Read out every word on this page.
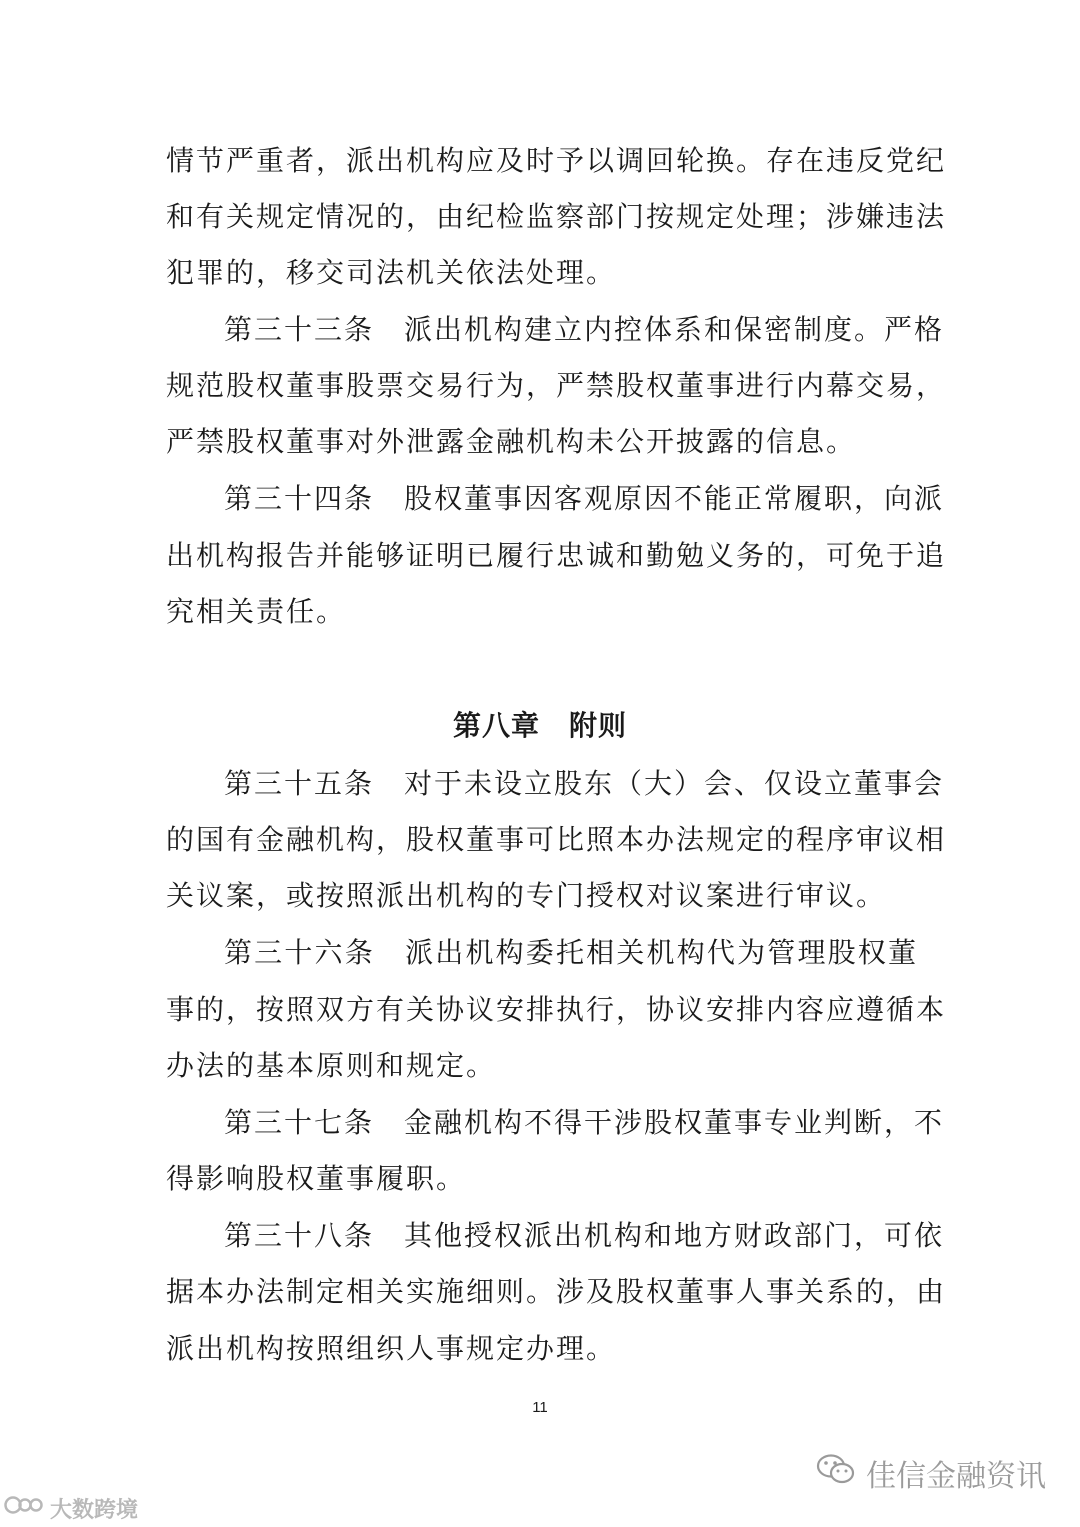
情节严重者，派出机构应及时予以调回轮换。存在违反党纪
和有关规定情况的，由纪检监察部门按规定处理；涉嫌违法
犯罪的，移交司法机关依法处理。
第三十三条　派出机构建立内控体系和保密制度。严格
规范股权董事股票交易行为，严禁股权董事进行内幕交易，
严禁股权董事对外泄露金融机构未公开披露的信息。
第三十四条　股权董事因客观原因不能正常履职，向派
出机构报告并能够证明已履行忠诚和勤勉义务的，可免于追
究相关责任。
第八章　附则
第三十五条　对于未设立股东（大）会、仅设立董事会
的国有金融机构，股权董事可比照本办法规定的程序审议相
关议案，或按照派出机构的专门授权对议案进行审议。
第三十六条　派出机构委托相关机构代为管理股权董
事的，按照双方有关协议安排执行，协议安排内容应遵循本
办法的基本原则和规定。
第三十七条　金融机构不得干涉股权董事专业判断，不
得影响股权董事履职。
第三十八条　其他授权派出机构和地方财政部门，可依
据本办法制定相关实施细则。涉及股权董事人事关系的，由
派出机构按照组织人事规定办理。
11
佳信金融资讯
大数跨境
